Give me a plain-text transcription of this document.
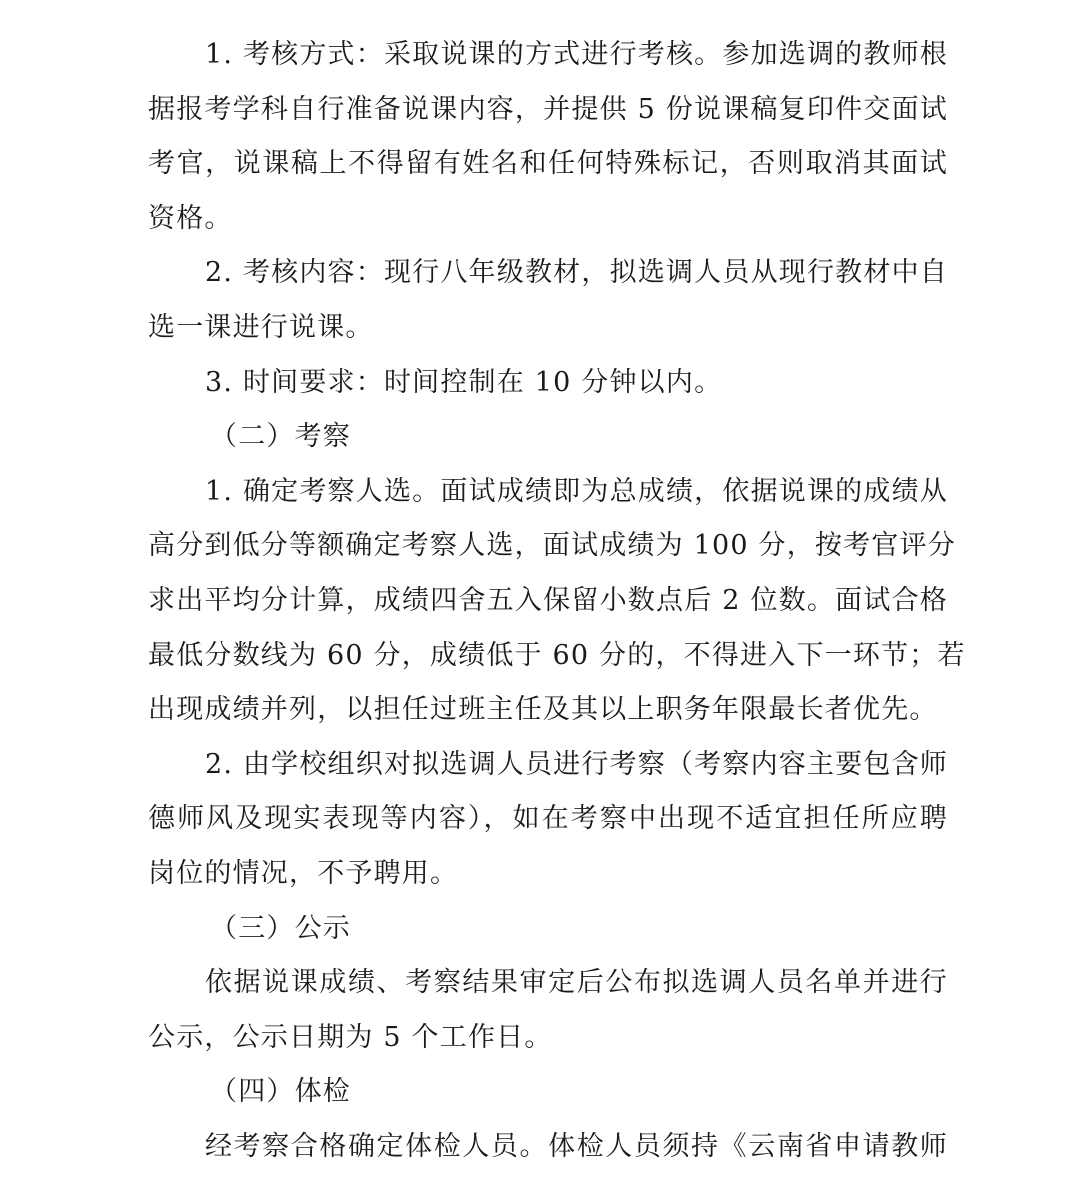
1. 考核方式：采取说课的方式进行考核。参加选调的教师根
据报考学科自行准备说课内容，并提供 5 份说课稿复印件交面试
考官，说课稿上不得留有姓名和任何特殊标记，否则取消其面试
资格。
2. 考核内容：现行八年级教材，拟选调人员从现行教材中自
选一课进行说课。
3. 时间要求：时间控制在 10 分钟以内。
（二）考察
1. 确定考察人选。面试成绩即为总成绩，依据说课的成绩从
高分到低分等额确定考察人选，面试成绩为 100 分，按考官评分
求出平均分计算，成绩四舍五入保留小数点后 2 位数。面试合格
最低分数线为 60 分，成绩低于 60 分的，不得进入下一环节；若
出现成绩并列，以担任过班主任及其以上职务年限最长者优先。
2. 由学校组织对拟选调人员进行考察（考察内容主要包含师
德师风及现实表现等内容），如在考察中出现不适宜担任所应聘
岗位的情况，不予聘用。
（三）公示
依据说课成绩、考察结果审定后公布拟选调人员名单并进行
公示，公示日期为 5 个工作日。
（四）体检
经考察合格确定体检人员。体检人员须持《云南省申请教师
